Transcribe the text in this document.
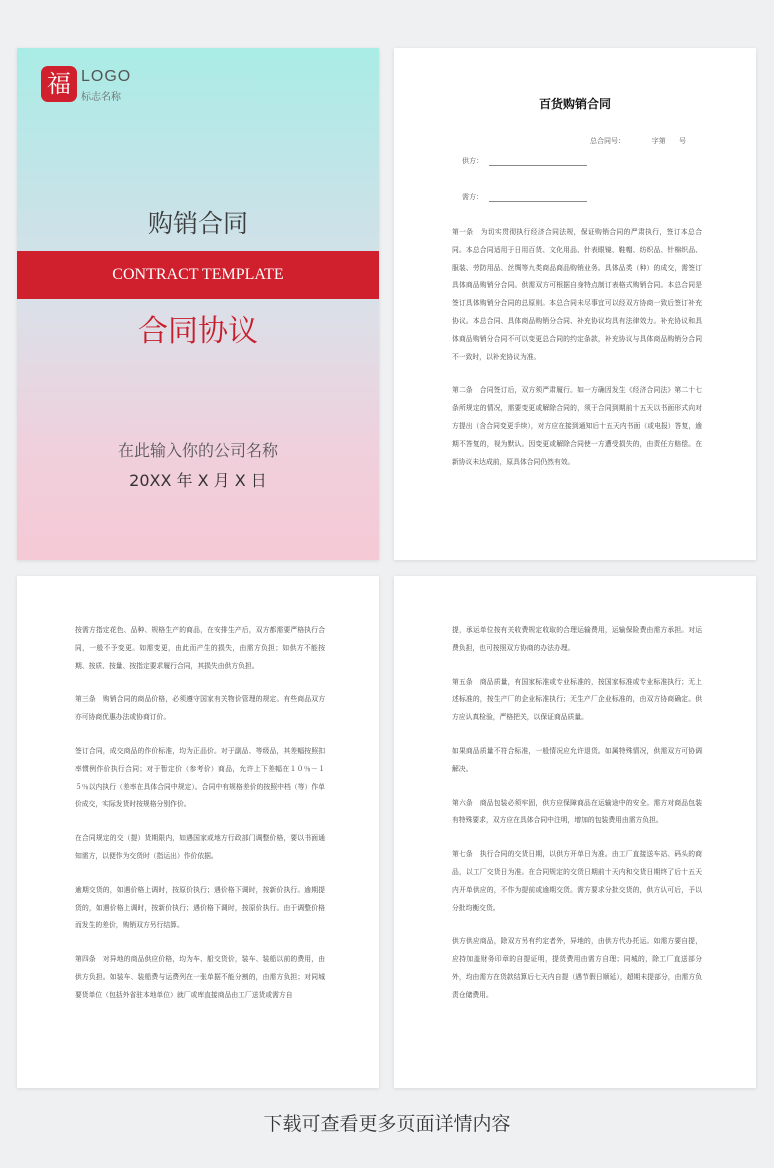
福 LOGO
标志名称
购销合同
CONTRACT TEMPLATE
合同协议
在此输入你的公司名称
20XX 年 X 月 X 日
百货购销合同
总合同号：            字第      号
供方：
需方：

第一条　为切实贯彻执行经济合同法规，保证购销合同的严肃执行，签订本总合同。本总合同适用于日用百货、文化用品、针表眼镜、鞋帽、纺织品、针棉织品、服装、劳防用品、丝绸等九类商品商品购销业务。具体品类（种）的成交，需签订具体商品购销分合同。供需双方可根据自身特点制订表格式购销合同。本总合同是签订具体购销分合同的总原则。本总合同未尽事宜可以经双方协商一致后签订补充协议。本总合同、具体商品购销分合同、补充协议均具有法律效力。补充协议和具体商品购销分合同不可以变更总合同的约定条款，补充协议与具体商品购销分合同不一致时，以补充协议为准。

第二条　合同签订后，双方须严肃履行。如一方确因发生《经济合同法》第二十七条所规定的情况，需要变更或解除合同的，须于合同到期前十五天以书面形式向对方提出（含合同变更手续），对方应在接到通知后十五天内书面（或电报）答复，逾期不答复的，视为默认。因变更或解除合同使一方遭受损失的，由责任方赔偿。在新协议未达成前，原具体合同仍然有效。

按需方指定花色、品种、规格生产的商品，在安排生产后，双方都需要严格执行合同，一般不予变更。如需变更，由此而产生的损失，由需方负担；如供方不能按期、按质、按量、按指定要求履行合同，其损失由供方负担。

第三条　购销合同的商品价格，必须遵守国家有关物价管理的规定。有些商品双方亦可协商优惠办法或协商订价。

签订合同，成交商品的作价标准，均为正品价。对于副品、等级品，其差幅按照扣率惯例作价执行合同；对于暂定价（参考价）商品，允许上下差幅在１０％－１５％以内执行（差率在具体合同中规定）。合同中有规格差价的按照中档（等）作单价成交，实际发货时按规格分别作价。

在合同规定的交（提）货期限内，如遇国家或地方行政部门调整价格，要以书面通知需方，以便作为交货时（指运出）作价依据。

逾期交货的，如遇价格上调时，按原价执行；遇价格下调时，按新价执行。逾期提货的，如遇价格上调时，按新价执行；遇价格下调时，按原价执行。由于调整价格而发生的差价，购销双方另行结算。

第四条　对异地的商品供应价格，均为车、船交货价，装车、装船以前的费用，由供方负担。如装车、装船费与运费列在一张单据不能分割的，由需方负担；对同城要货单位（包括外省驻本地单位）就厂或库直接商品由工厂送货或需方自

提，承运单位按有关收费规定收取的合理运输费用，运输保险费由需方承担。对运费负担，也可按照双方协商的办法办理。

第五条　商品质量，有国家标准或专业标准的，按国家标准或专业标准执行；无上述标准的，按生产厂的企业标准执行；无生产厂企业标准的，由双方协商确定。供方应认真检验，严格把关，以保证商品质量。

如果商品质量不符合标准，一般情况应允许退货。如属特殊情况，供需双方可协调解决。

第六条　商品包装必须牢固，供方应保障商品在运输途中的安全。需方对商品包装有特殊要求，双方应在具体合同中注明，增加的包装费用由需方负担。

第七条　执行合同的交货日期，以供方开单日为准。由工厂直接送车站、码头的商品，以工厂交货日为准。在合同规定的交货日期前十天内和交货日期终了后十五天内开单供应的，不作为提前或逾期交货。需方要求分批交货的，供方认可后，予以分批均衡交货。

供方供应商品，除双方另有约定者外，异地的，由供方代办托运。如需方要自提，应持加盖财务印章的自提证明，提货费用由需方自理；同城的，除工厂直送部分外，均由需方在货款结算后七天内自提（遇节假日顺延），超期未提部分，由需方负责仓储费用。

下载可查看更多页面详情内容
